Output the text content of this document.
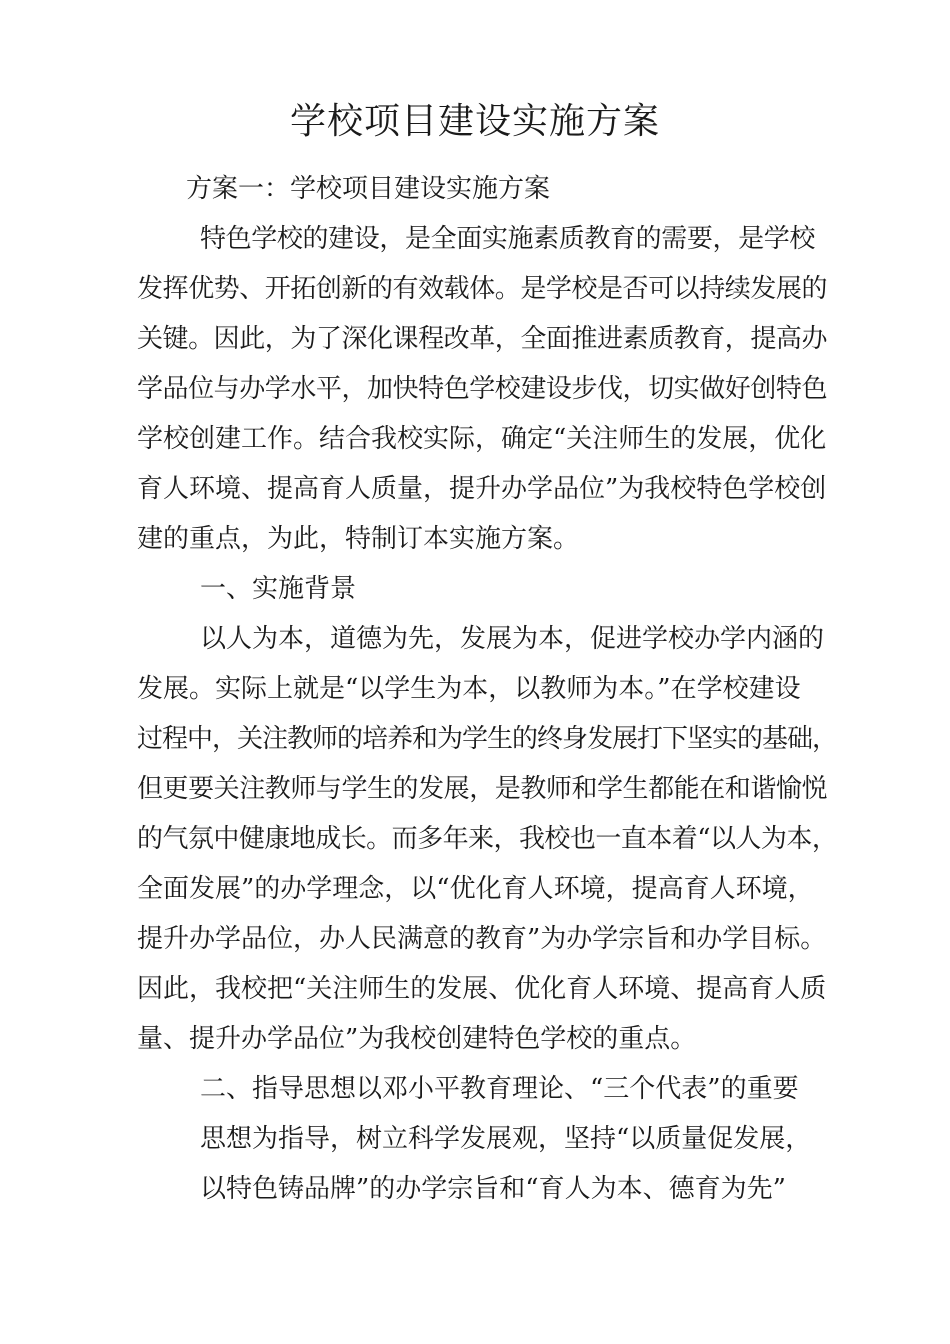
学校项目建设实施方案
方案一：学校项目建设实施方案
特色学校的建设，是全面实施素质教育的需要，是学校
发挥优势、开拓创新的有效载体。是学校是否可以持续发展的
关键。因此，为了深化课程改革，全面推进素质教育，提高办
学品位与办学水平，加快特色学校建设步伐，切实做好创特色
学校创建工作。结合我校实际，确定“关注师生的发展，优化
育人环境、提高育人质量，提升办学品位”为我校特色学校创
建的重点，为此，特制订本实施方案。
一、实施背景
以人为本，道德为先，发展为本，促进学校办学内涵的
发展。实际上就是“以学生为本，以教师为本。”在学校建设
过程中，关注教师的培养和为学生的终身发展打下坚实的基础，
但更要关注教师与学生的发展，是教师和学生都能在和谐愉悦
的气氛中健康地成长。而多年来，我校也一直本着“以人为本，
全面发展”的办学理念，以“优化育人环境，提高育人环境，
提升办学品位，办人民满意的教育”为办学宗旨和办学目标。
因此，我校把“关注师生的发展、优化育人环境、提高育人质
量、提升办学品位”为我校创建特色学校的重点。
二、指导思想以邓小平教育理论、“三个代表”的重要
思想为指导，树立科学发展观，坚持“以质量促发展，
以特色铸品牌”的办学宗旨和“育人为本、德育为先”
